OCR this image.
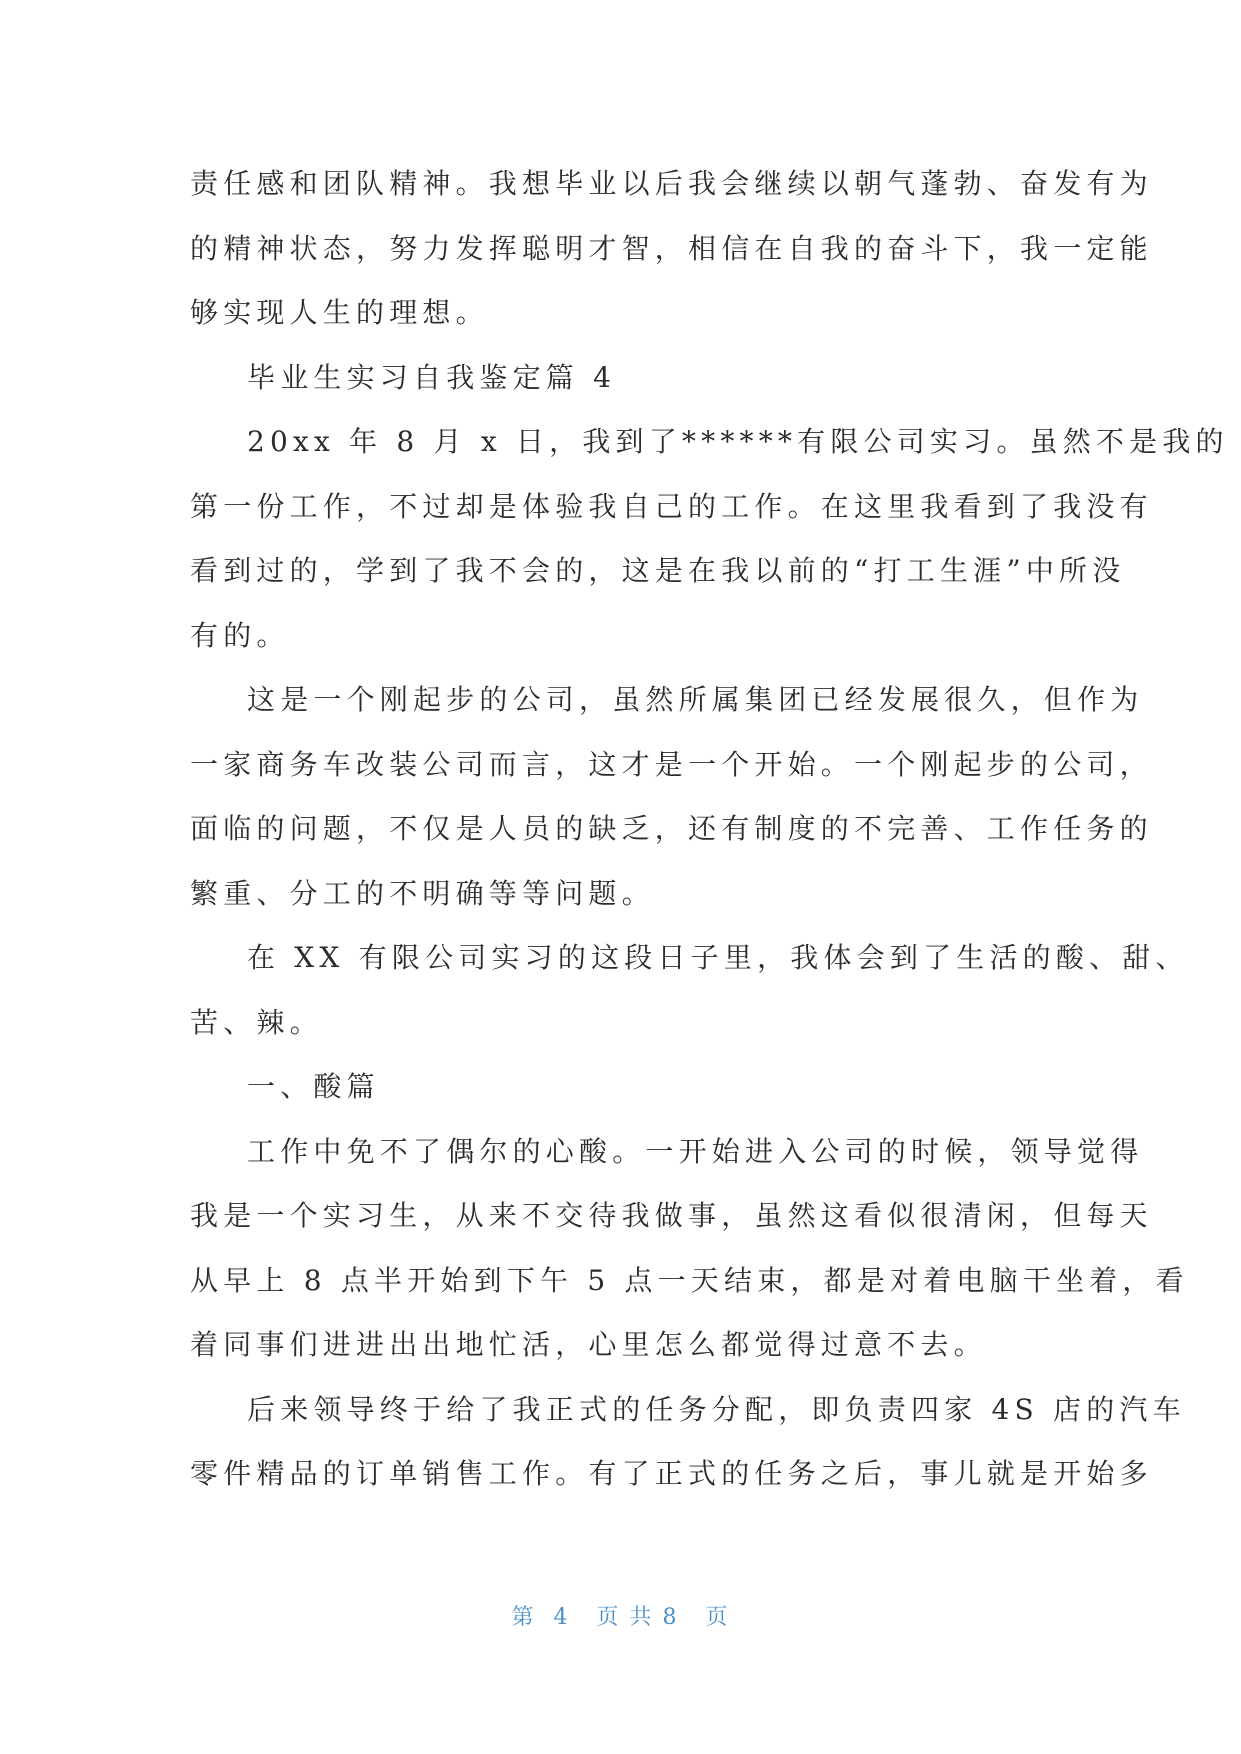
责任感和团队精神。我想毕业以后我会继续以朝气蓬勃、奋发有为
的精神状态，努力发挥聪明才智，相信在自我的奋斗下，我一定能
够实现人生的理想。
毕业生实习自我鉴定篇 4
20xx 年 8 月 x 日，我到了******有限公司实习。虽然不是我的
第一份工作，不过却是体验我自己的工作。在这里我看到了我没有
看到过的，学到了我不会的，这是在我以前的“打工生涯”中所没
有的。
这是一个刚起步的公司，虽然所属集团已经发展很久，但作为
一家商务车改装公司而言，这才是一个开始。一个刚起步的公司，
面临的问题，不仅是人员的缺乏，还有制度的不完善、工作任务的
繁重、分工的不明确等等问题。
在 XX 有限公司实习的这段日子里，我体会到了生活的酸、甜、
苦、辣。
一、酸篇
工作中免不了偶尔的心酸。一开始进入公司的时候，领导觉得
我是一个实习生，从来不交待我做事，虽然这看似很清闲，但每天
从早上 8 点半开始到下午 5 点一天结束，都是对着电脑干坐着，看
着同事们进进出出地忙活，心里怎么都觉得过意不去。
后来领导终于给了我正式的任务分配，即负责四家 4S 店的汽车
零件精品的订单销售工作。有了正式的任务之后，事儿就是开始多
第  4   页 共 8   页
